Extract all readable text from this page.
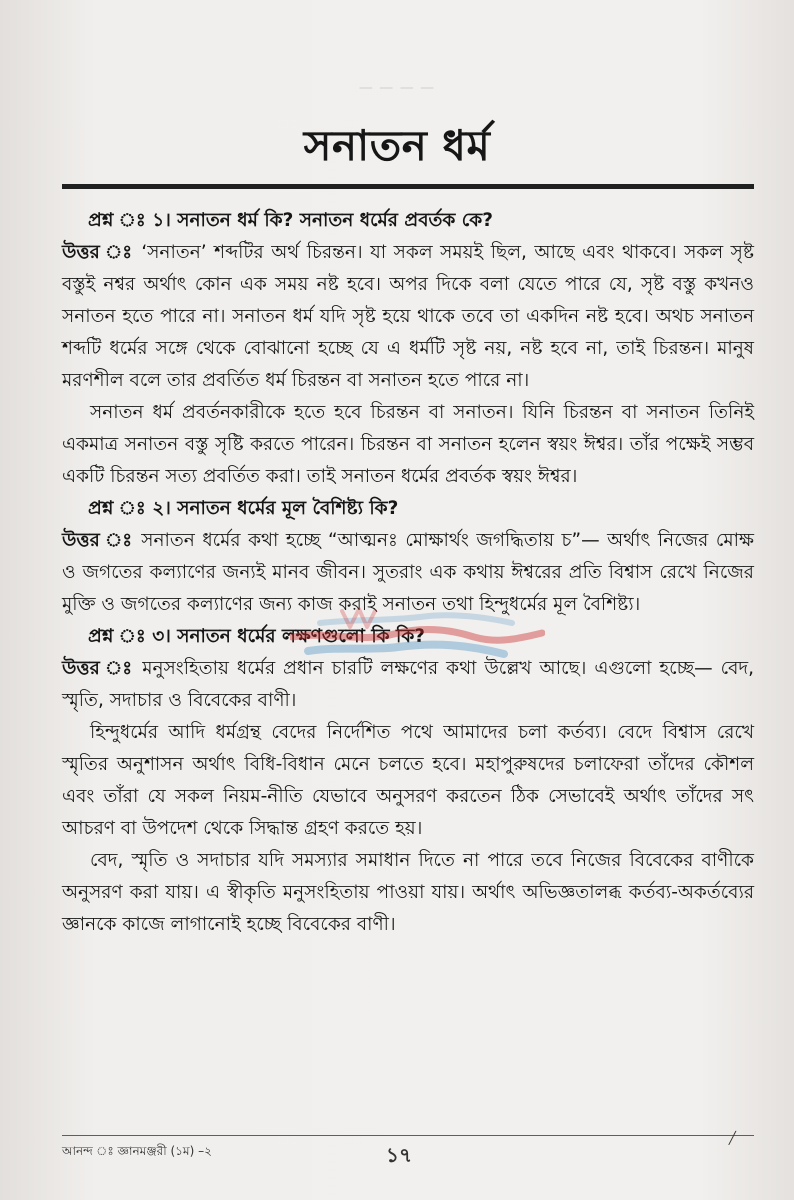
— — — —
সনাতন ধর্ম

প্রশ্ন ঃ ১। সনাতন ধর্ম কি? সনাতন ধর্মের প্রবর্তক কে?

উত্তর ঃ ‘সনাতন’ শব্দটির অর্থ চিরন্তন। যা সকল সময়ই ছিল, আছে এবং থাকবে। সকল সৃষ্ট বস্তুই নশ্বর অর্থাৎ কোন এক সময় নষ্ট হবে। অপর দিকে বলা যেতে পারে যে, সৃষ্ট বস্তু কখনও সনাতন হতে পারে না। সনাতন ধর্ম যদি সৃষ্ট হয়ে থাকে তবে তা একদিন নষ্ট হবে। অথচ সনাতন শব্দটি ধর্মের সঙ্গে থেকে বোঝানো হচ্ছে যে এ ধর্মটি সৃষ্ট নয়, নষ্ট হবে না, তাই চিরন্তন। মানুষ মরণশীল বলে তার প্রবর্তিত ধর্ম চিরন্তন বা সনাতন হতে পারে না।

সনাতন ধর্ম প্রবর্তনকারীকে হতে হবে চিরন্তন বা সনাতন। যিনি চিরন্তন বা সনাতন তিনিই একমাত্র সনাতন বস্তু সৃষ্টি করতে পারেন। চিরন্তন বা সনাতন হলেন স্বয়ং ঈশ্বর। তাঁর পক্ষেই সম্ভব একটি চিরন্তন সত্য প্রবর্তিত করা। তাই সনাতন ধর্মের প্রবর্তক স্বয়ং ঈশ্বর।

প্রশ্ন ঃ ২। সনাতন ধর্মের মূল বৈশিষ্ট্য কি?

উত্তর ঃ সনাতন ধর্মের কথা হচ্ছে “আত্মনঃ মোক্ষার্থং জগদ্ধিতায় চ”— অর্থাৎ নিজের মোক্ষ ও জগতের কল্যাণের জন্যই মানব জীবন। সুতরাং এক কথায় ঈশ্বরের প্রতি বিশ্বাস রেখে নিজের মুক্তি ও জগতের কল্যাণের জন্য কাজ করাই সনাতন তথা হিন্দুধর্মের মূল বৈশিষ্ট্য।

প্রশ্ন ঃ ৩। সনাতন ধর্মের লক্ষণগুলো কি কি?

উত্তর ঃ মনুসংহিতায় ধর্মের প্রধান চারটি লক্ষণের কথা উল্লেখ আছে। এগুলো হচ্ছে— বেদ, স্মৃতি, সদাচার ও বিবেকের বাণী।

হিন্দুধর্মের আদি ধর্মগ্রন্থ বেদের নির্দেশিত পথে আমাদের চলা কর্তব্য। বেদে বিশ্বাস রেখে স্মৃতির অনুশাসন অর্থাৎ বিধি-বিধান মেনে চলতে হবে। মহাপুরুষদের চলাফেরা তাঁদের কৌশল এবং তাঁরা যে সকল নিয়ম-নীতি যেভাবে অনুসরণ করতেন ঠিক সেভাবেই অর্থাৎ তাঁদের সৎ আচরণ বা উপদেশ থেকে সিদ্ধান্ত গ্রহণ করতে হয়।

বেদ, স্মৃতি ও সদাচার যদি সমস্যার সমাধান দিতে না পারে তবে নিজের বিবেকের বাণীকে অনুসরণ করা যায়। এ স্বীকৃতি মনুসংহিতায় পাওয়া যায়। অর্থাৎ অভিজ্ঞতালব্ধ কর্তব্য-অকর্তব্যের জ্ঞানকে কাজে লাগানোই হচ্ছে বিবেকের বাণী।

আনন্দ ঃ জ্ঞানমঞ্জরী (১ম) –২	১৭
╱
